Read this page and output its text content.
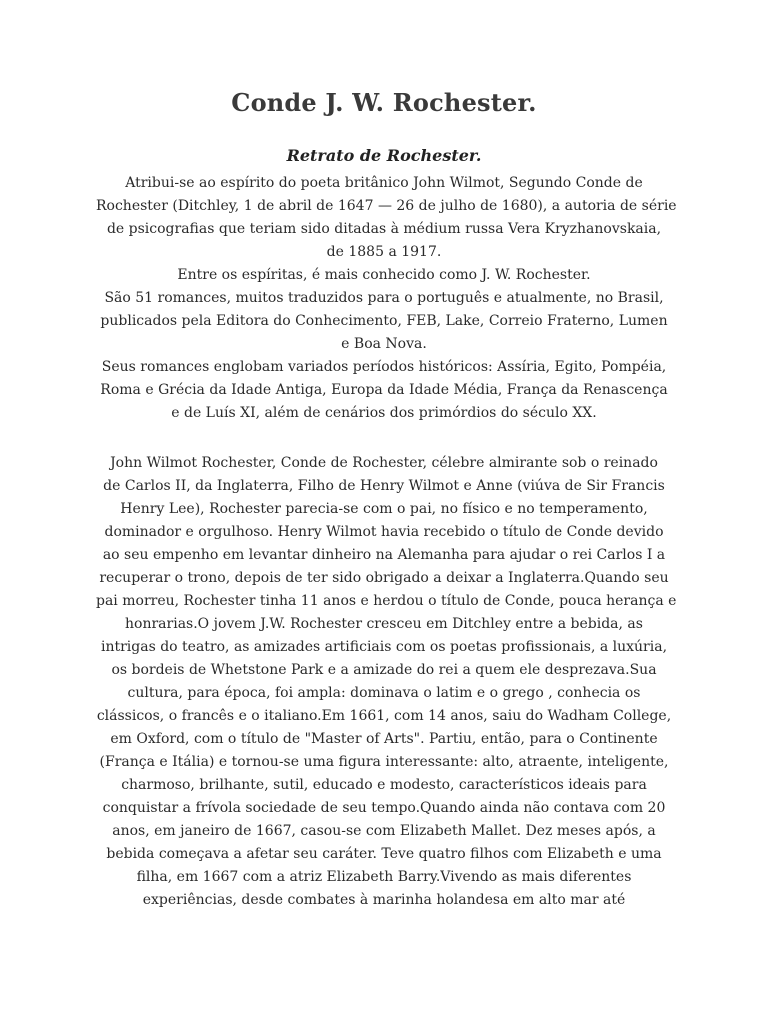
Conde J. W. Rochester.
Retrato de Rochester.
Atribui-se ao espírito do poeta britânico John Wilmot, Segundo Conde de
Rochester (Ditchley, 1 de abril de 1647 — 26 de julho de 1680), a autoria de série
de psicografias que teriam sido ditadas à médium russa Vera Kryzhanovskaia,
de 1885 a 1917.
Entre os espíritas, é mais conhecido como J. W. Rochester.
São 51 romances, muitos traduzidos para o português e atualmente, no Brasil,
publicados pela Editora do Conhecimento, FEB, Lake, Correio Fraterno, Lumen
e Boa Nova.
Seus romances englobam variados períodos históricos: Assíria, Egito, Pompéia,
Roma e Grécia da Idade Antiga, Europa da Idade Média, França da Renascença
e de Luís XI, além de cenários dos primórdios do século XX.
John Wilmot Rochester, Conde de Rochester, célebre almirante sob o reinado
de Carlos II, da Inglaterra, Filho de Henry Wilmot e Anne (viúva de Sir Francis
Henry Lee), Rochester parecia-se com o pai, no físico e no temperamento,
dominador e orgulhoso. Henry Wilmot havia recebido o título de Conde devido
ao seu empenho em levantar dinheiro na Alemanha para ajudar o rei Carlos I a
recuperar o trono, depois de ter sido obrigado a deixar a Inglaterra.Quando seu
pai morreu, Rochester tinha 11 anos e herdou o título de Conde, pouca herança e
honrarias.O jovem J.W. Rochester cresceu em Ditchley entre a bebida, as
intrigas do teatro, as amizades artificiais com os poetas profissionais, a luxúria,
os bordeis de Whetstone Park e a amizade do rei a quem ele desprezava.Sua
cultura, para época, foi ampla: dominava o latim e o grego , conhecia os
clássicos, o francês e o italiano.Em 1661, com 14 anos, saiu do Wadham College,
em Oxford, com o título de "Master of Arts". Partiu, então, para o Continente
(França e Itália) e tornou-se uma figura interessante: alto, atraente, inteligente,
charmoso, brilhante, sutil, educado e modesto, característicos ideais para
conquistar a frívola sociedade de seu tempo.Quando ainda não contava com 20
anos, em janeiro de 1667, casou-se com Elizabeth Mallet. Dez meses após, a
bebida começava a afetar seu caráter. Teve quatro filhos com Elizabeth e uma
filha, em 1667 com a atriz Elizabeth Barry.Vivendo as mais diferentes
experiências, desde combates à marinha holandesa em alto mar até
